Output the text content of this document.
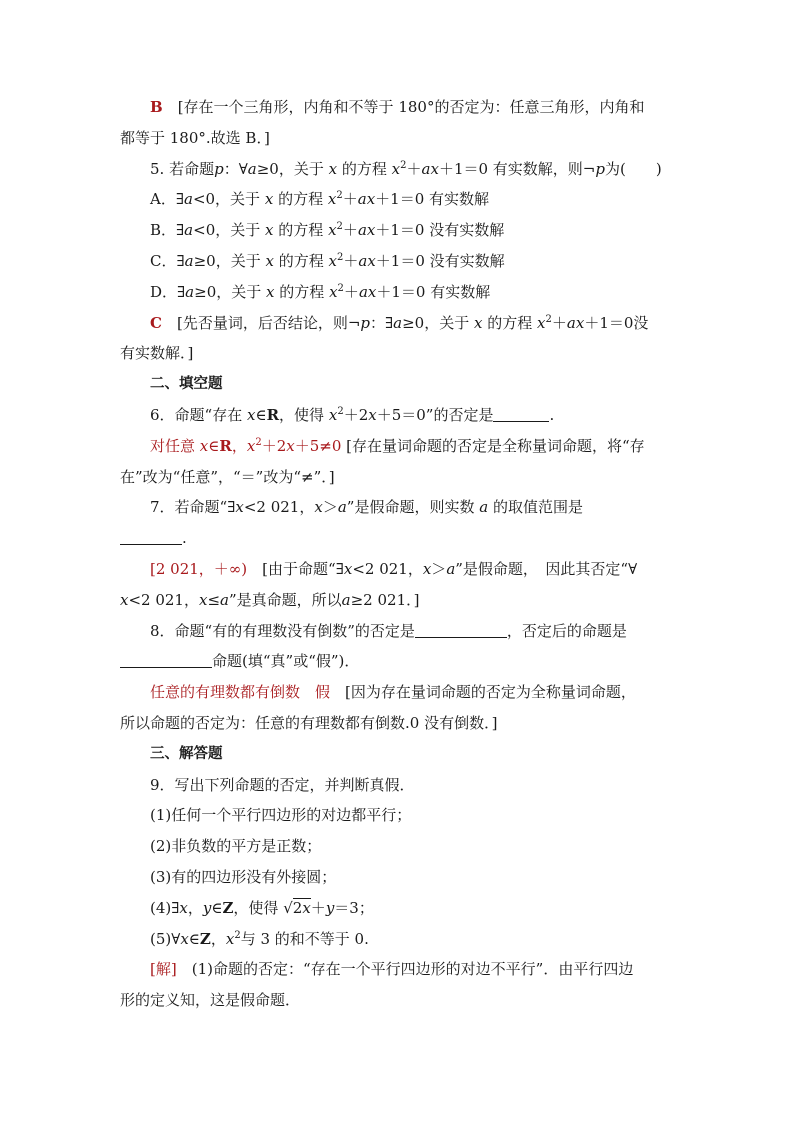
B　 [存在一个三角形，内角和不等于 180°的否定为：任意三角形，内角和

都等于 180°.故选 B．]

5. 若命题p：∀a≥0，关于 x 的方程 $x^2+ax+1=0$ 有实数解，则¬p为(　　)

A．∃a<0，关于 x 的方程 $x^2+ax+1=0$ 有实数解

B．∃a<0，关于 x 的方程 $x^2+ax+1=0$ 没有实数解

C．∃a≥0，关于 x 的方程 $x^2+ax+1=0$ 没有实数解

D．∃a≥0，关于 x 的方程 $x^2+ax+1=0$ 有实数解

C　 [先否量词，后否结论，则¬p：∃a≥0，关于 x 的方程 $x^2+ax+1=0$没

有实数解．]

二、填空题

6．命题“存在 x∈R，使得 $x^2+2x+5=0$”的否定是	.

对任意 x∈R，$x^2+2x+5\ne 0$ [存在量词命题的否定是全称量词命题，将“存

在”改为“任意”，“＝”改为“≠”．]

7．若命题“∃x<2 021，x＞a”是假命题，则实数 a 的取值范围是

.

[2 021，＋∞)　 [由于命题“∃x<2 021，x＞a”是假命题，　因此其否定“∀

x<2 021，x≤a”是真命题，所以a≥2 021．]

8．命题“有的有理数没有倒数”的否定是	，否定后的命题是

命题(填“真”或“假”)．

任意的有理数都有倒数　假　 [因为存在量词命题的否定为全称量词命题，

所以命题的否定为：任意的有理数都有倒数.0 没有倒数．]

三、解答题

9．写出下列命题的否定，并判断真假．

(1)任何一个平行四边形的对边都平行；

(2)非负数的平方是正数；

(3)有的四边形没有外接圆；

(4)∃x，y∈Z，使得 √2x＋y＝3；

(5)∀x∈Z，$x^2$与 3 的和不等于 0.

[解]　 (1)命题的否定：“存在一个平行四边形的对边不平行”．由平行四边

形的定义知，这是假命题．
